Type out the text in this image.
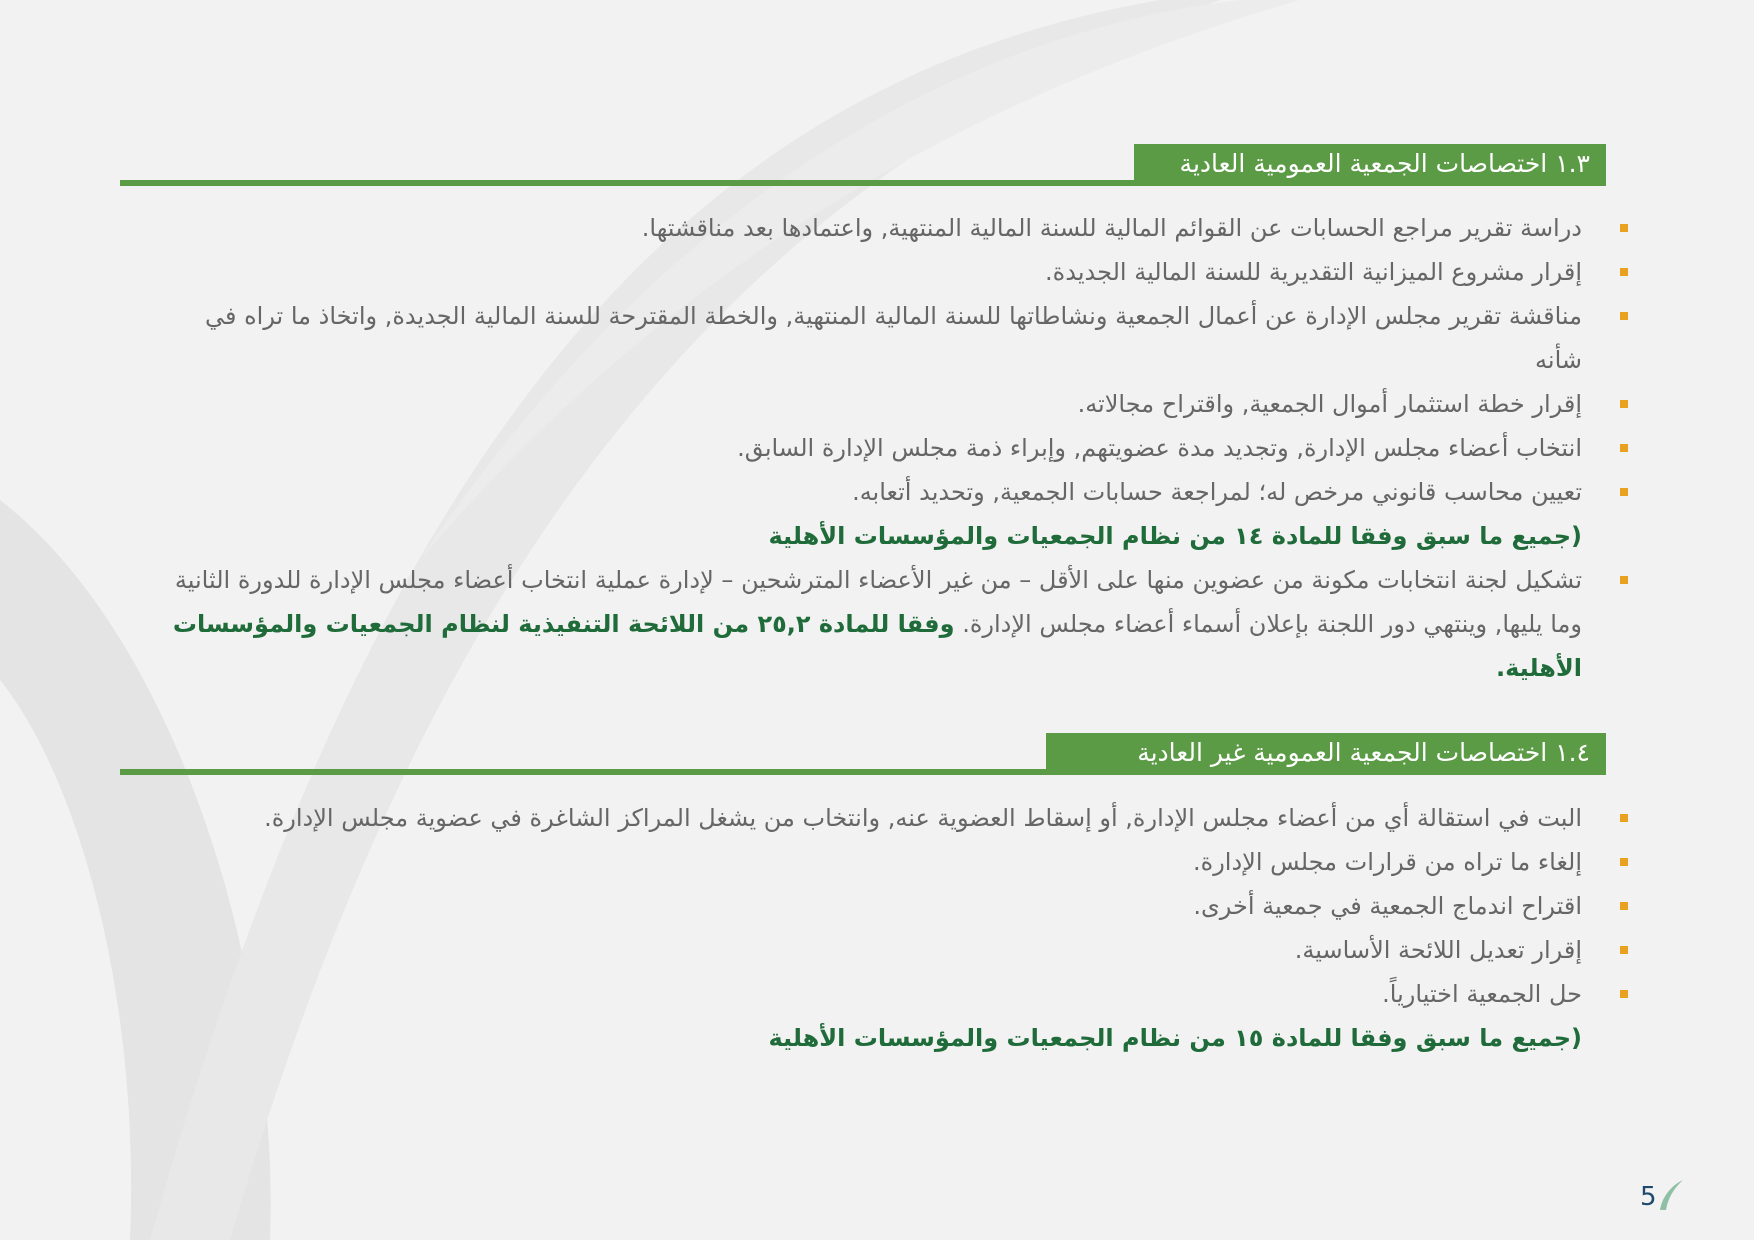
١.٣ اختصاصات الجمعية العمومية العادية
دراسة تقرير مراجع الحسابات عن القوائم المالية للسنة المالية المنتهية, واعتمادها بعد مناقشتها.
إقرار مشروع الميزانية التقديرية للسنة المالية الجديدة.
مناقشة تقرير مجلس الإدارة عن أعمال الجمعية ونشاطاتها للسنة المالية المنتهية, والخطة المقترحة للسنة المالية الجديدة, واتخاذ ما تراه في شأنه
إقرار خطة استثمار أموال الجمعية, واقتراح مجالاته.
انتخاب أعضاء مجلس الإدارة, وتجديد مدة عضويتهم, وإبراء ذمة مجلس الإدارة السابق.
تعيين محاسب قانوني مرخص له؛ لمراجعة حسابات الجمعية, وتحديد أتعابه.
(جميع ما سبق وفقا للمادة ١٤ من نظام الجمعيات والمؤسسات الأهلية
تشكيل لجنة انتخابات مكونة من عضوين منها على الأقل – من غير الأعضاء المترشحين – لإدارة عملية انتخاب أعضاء مجلس الإدارة للدورة الثانية وما يليها, وينتهي دور اللجنة بإعلان أسماء أعضاء مجلس الإدارة. وفقا للمادة ٢٥,٢ من اللائحة التنفيذية لنظام الجمعيات والمؤسسات الأهلية.
١.٤ اختصاصات الجمعية العمومية غير العادية
البت في استقالة أي من أعضاء مجلس الإدارة, أو إسقاط العضوية عنه, وانتخاب من يشغل المراكز الشاغرة في عضوية مجلس الإدارة.
إلغاء ما تراه من قرارات مجلس الإدارة.
اقتراح اندماج الجمعية في جمعية أخرى.
إقرار تعديل اللائحة الأساسية.
حل الجمعية اختيارياً.
(جميع ما سبق وفقا للمادة ١٥ من نظام الجمعيات والمؤسسات الأهلية
5
